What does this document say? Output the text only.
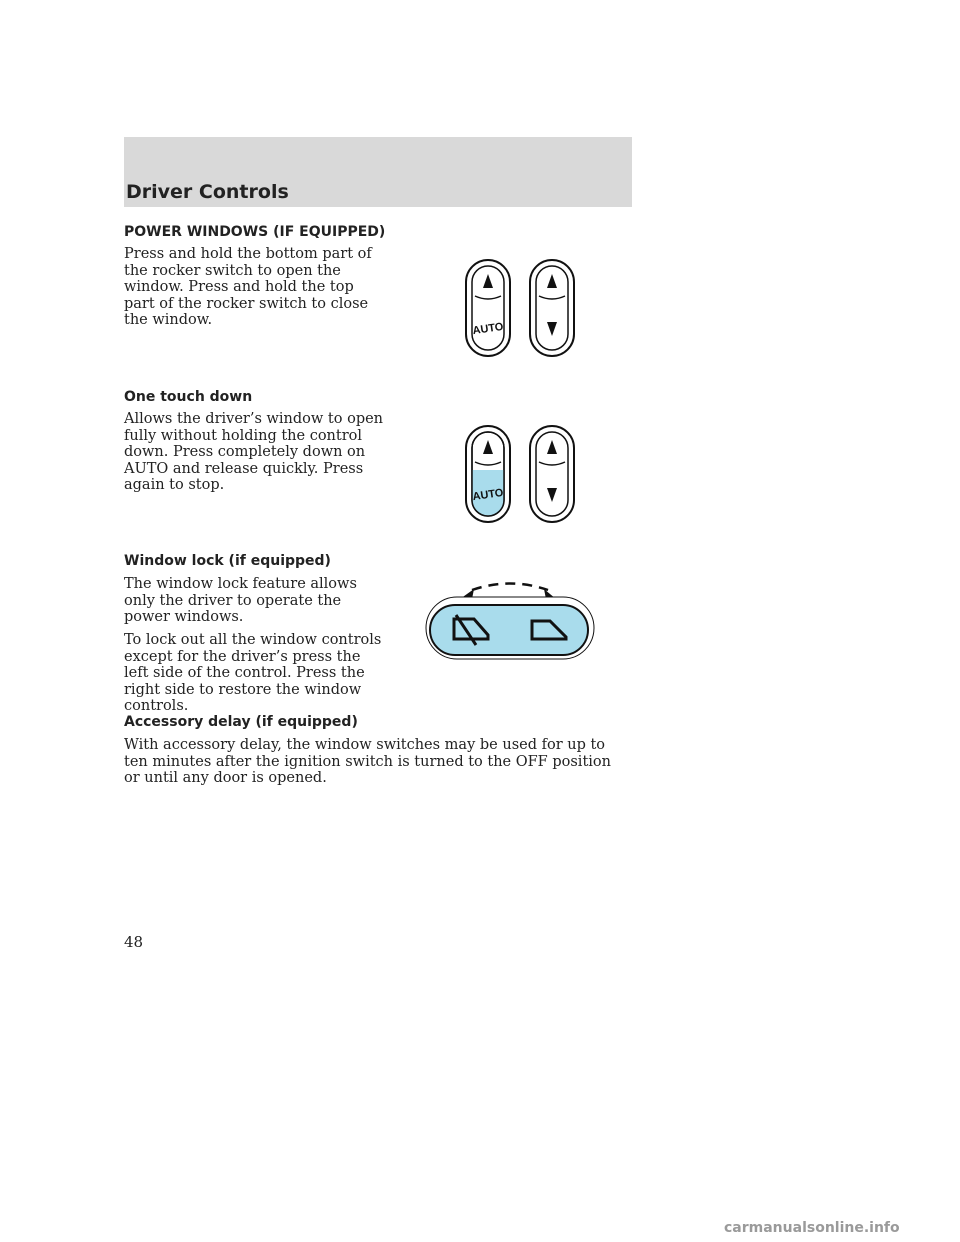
Driver Controls
POWER WINDOWS (IF EQUIPPED)
Press and hold the bottom part of the rocker switch to open the window. Press and hold the top part of the rocker switch to close the window.
AUTO
One touch down
Allows the driver’s window to open fully without holding the control down. Press completely down on AUTO and release quickly. Press again to stop.
AUTO
Window lock (if equipped)
The window lock feature allows only the driver to operate the power windows.
To lock out all the window controls except for the driver’s press the left side of the control. Press the right side to restore the window controls.
Accessory delay (if equipped)
With accessory delay, the window switches may be used for up to ten minutes after the ignition switch is turned to the OFF position or until any door is opened.
48
carmanualsonline.info
